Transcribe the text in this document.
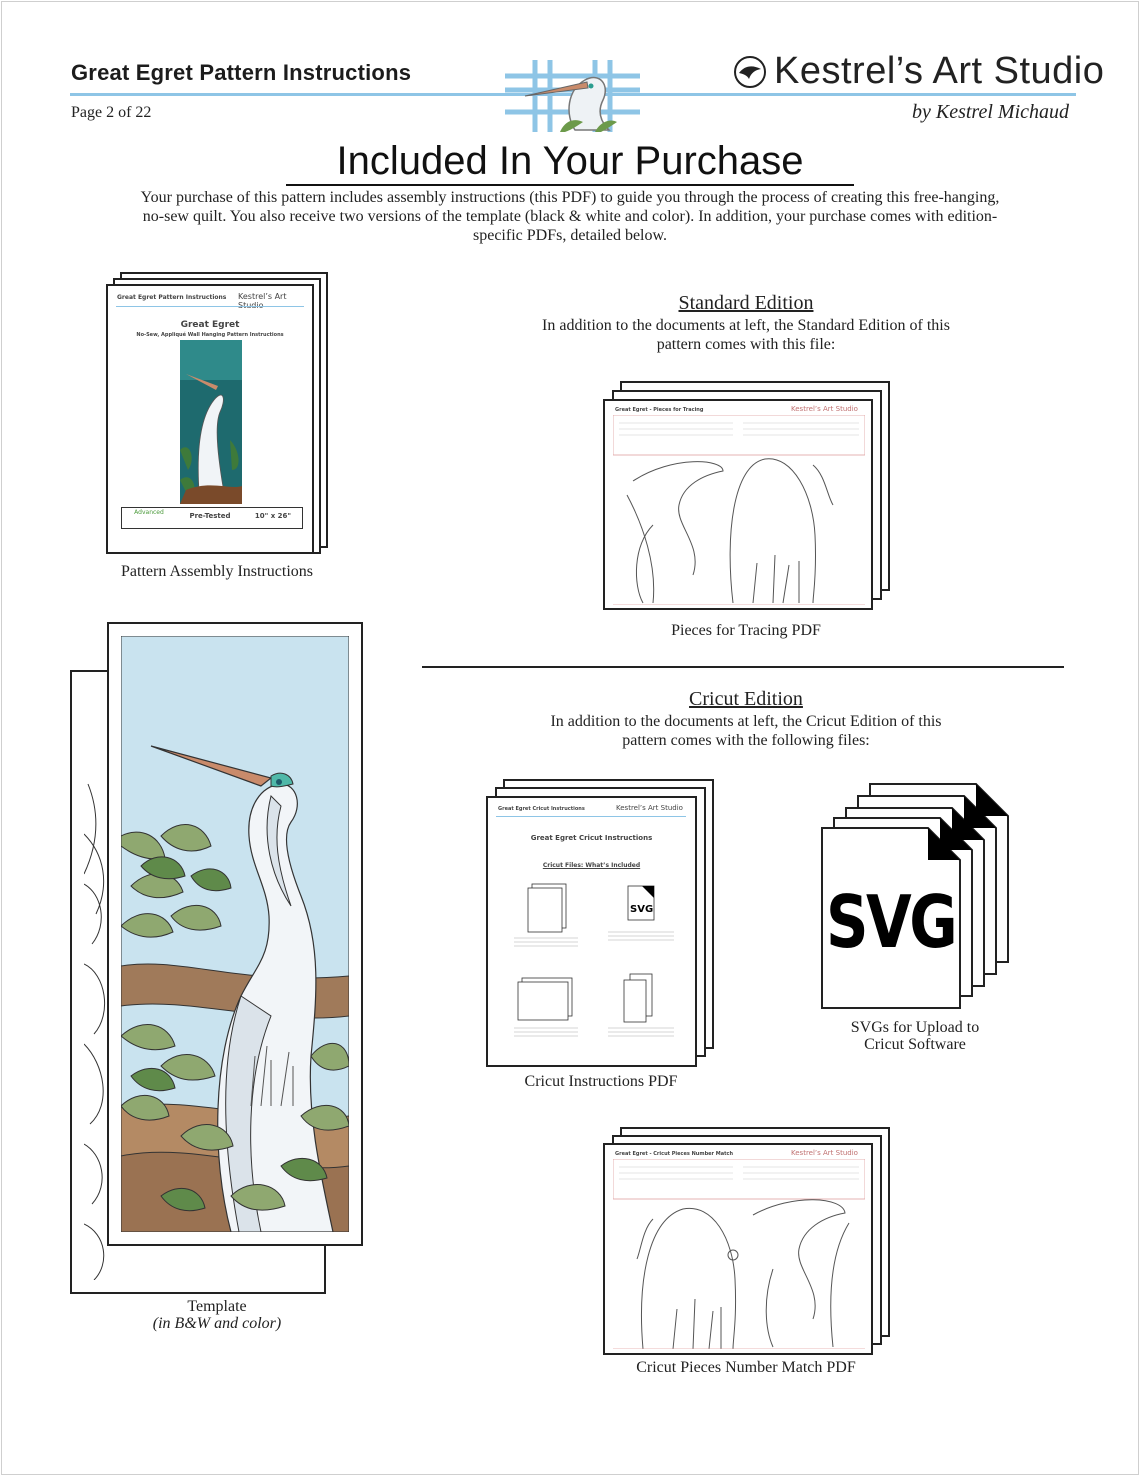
Great Egret Pattern Instructions
Page 2 of 22
Kestrel’s Art Studio
by Kestrel Michaud
Included In Your Purchase
Your purchase of this pattern includes assembly instructions (this PDF) to guide you through the process of creating this free-hanging, no-sew quilt. You also receive two versions of the template (black & white and color). In addition, your purchase comes with edition-specific PDFs, detailed below.
Great Egret Pattern Instructions Kestrel’s Art
Great Egret
No-Sew, Appliqué Wall Hanging Pattern Instructions
Advanced	Pre-Tested	10" x 26"
Pattern Assembly Instructions
Template
(in B&W and color)
Standard Edition
In addition to the documents at left, the Standard Edition of this pattern comes with this file:
Great Egret - Pieces for Tracing	Kestrel’s Art Studio
Pieces for Tracing PDF
Cricut Edition
In addition to the documents at left, the Cricut Edition of this pattern comes with the following files:
Great Egret Cricut Instructions	Kestrel’s Art Studio
Great Egret Cricut Instructions
Cricut Files: What’s Included
SVG
Cricut Instructions PDF
SVG
SVGs for Upload to
Cricut Software
Great Egret - Cricut Pieces Number Match	Kestrel’s Art Studio
Cricut Pieces Number Match PDF
